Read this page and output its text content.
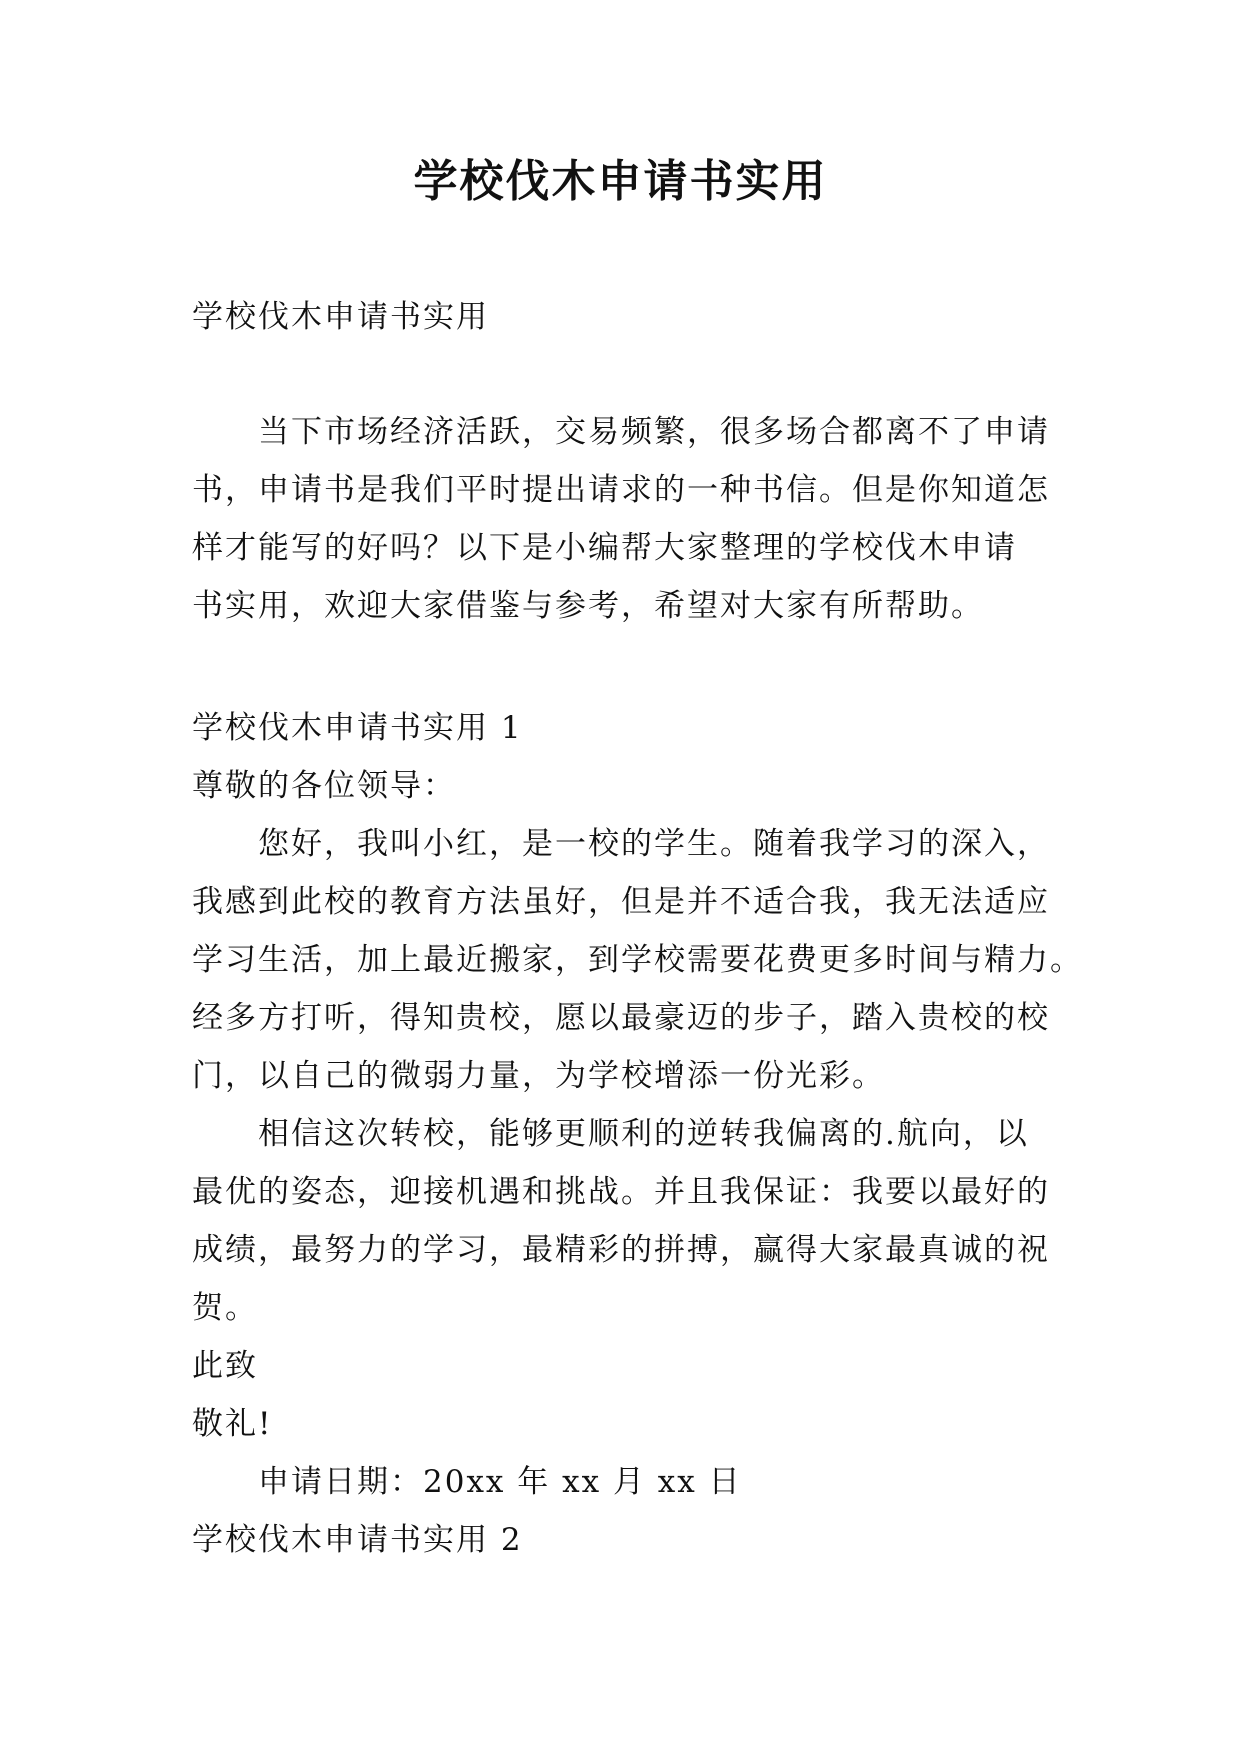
学校伐木申请书实用
学校伐木申请书实用
当下市场经济活跃，交易频繁，很多场合都离不了申请
书，申请书是我们平时提出请求的一种书信。但是你知道怎
样才能写的好吗？以下是小编帮大家整理的学校伐木申请
书实用，欢迎大家借鉴与参考，希望对大家有所帮助。
学校伐木申请书实用 1
尊敬的各位领导：
您好，我叫小红，是一校的学生。随着我学习的深入，
我感到此校的教育方法虽好，但是并不适合我，我无法适应
学习生活，加上最近搬家，到学校需要花费更多时间与精力。
经多方打听，得知贵校，愿以最豪迈的步子，踏入贵校的校
门，以自己的微弱力量，为学校增添一份光彩。
相信这次转校，能够更顺利的逆转我偏离的.航向，以
最优的姿态，迎接机遇和挑战。并且我保证：我要以最好的
成绩，最努力的学习，最精彩的拼搏，赢得大家最真诚的祝
贺。
此致
敬礼!
申请日期：20xx 年 xx 月 xx 日
学校伐木申请书实用 2
